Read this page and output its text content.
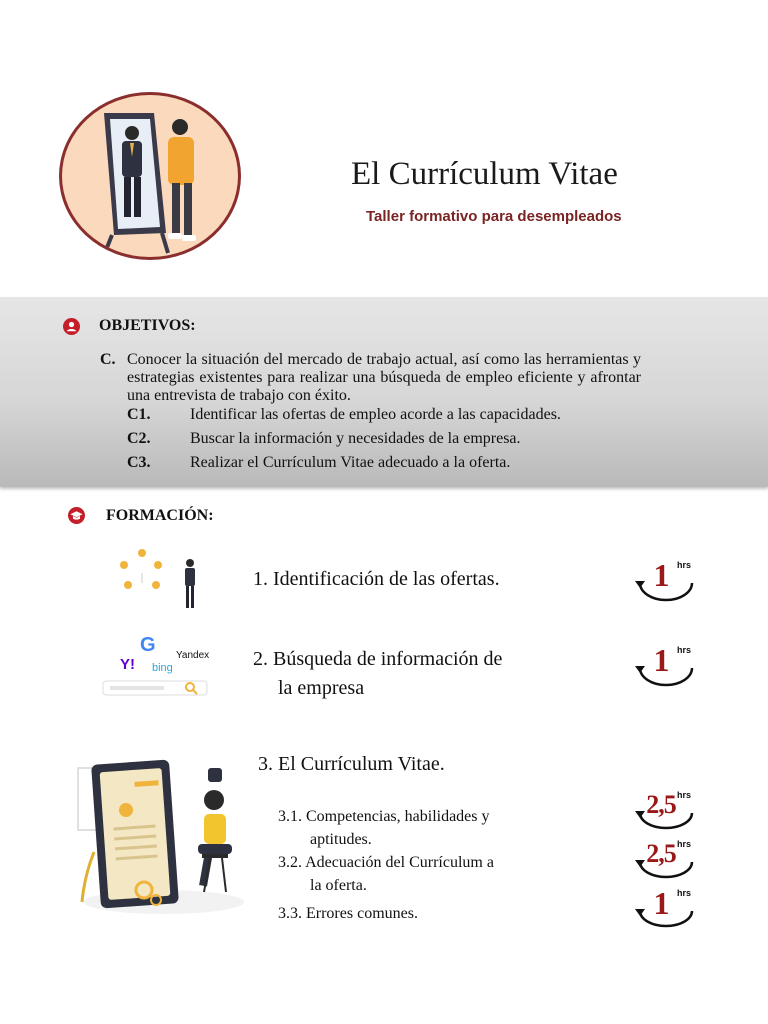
El Currículum Vitae
Taller formativo para desempleados
OBJETIVOS:
C. Conocer la situación del mercado de trabajo actual, así como las herramientas y estrategias existentes para realizar una búsqueda de empleo eficiente y afrontar una entrevista de trabajo con éxito.
C1. Identificar las ofertas de empleo acorde a las capacidades.
C2. Buscar la información y necesidades de la empresa.
C3. Realizar el Currículum Vitae adecuado a la oferta.
FORMACIÓN:
1. Identificación de las ofertas.	1 hrs
G Yandex
Y! bing	2. Búsqueda de información de
la empresa
1 hrs
3. El Currículum Vitae.
3.1. Competencias, habilidades y
aptitudes.
3.2. Adecuación del Currículum a
la oferta.
3.3. Errores comunes.
2,5 hrs
2,5 hrs
1 hrs
